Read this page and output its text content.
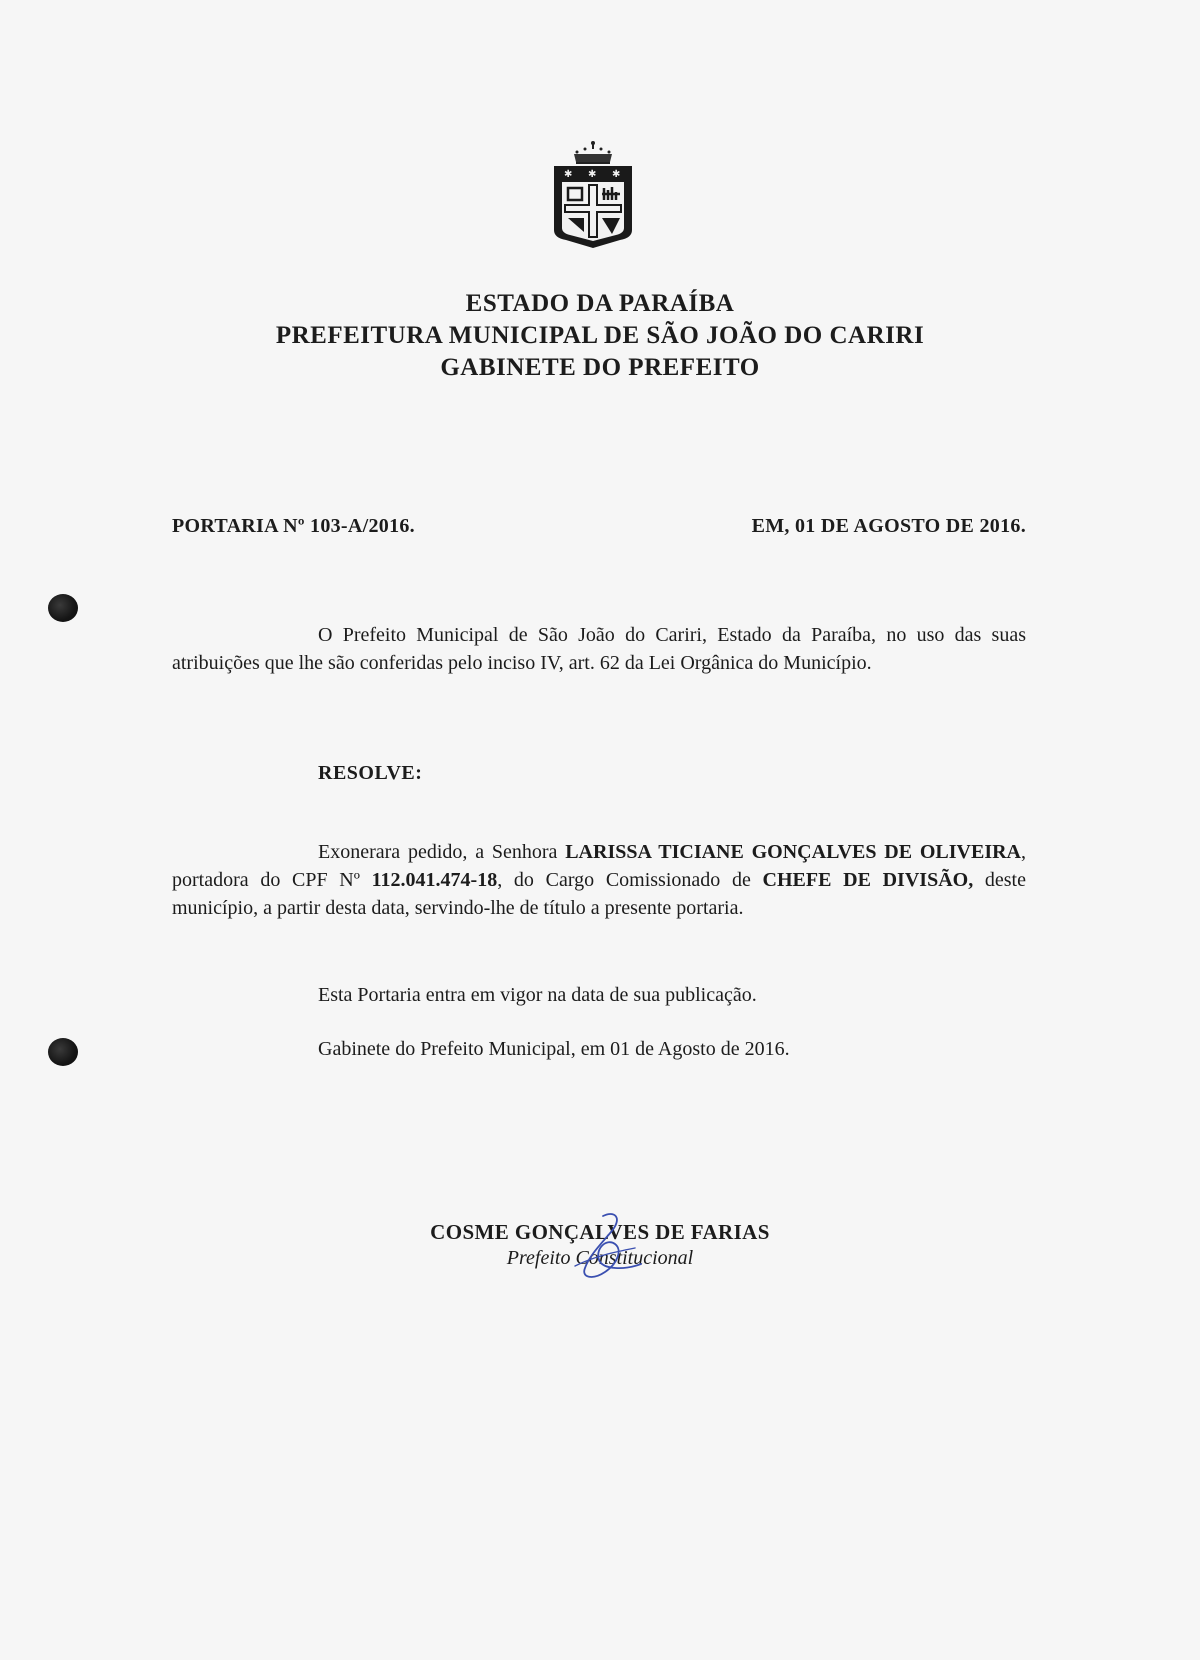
✱ ✱ ✱
ESTADO DA PARAÍBA
PREFEITURA MUNICIPAL DE SÃO JOÃO DO CARIRI
GABINETE DO PREFEITO
PORTARIA Nº 103-A/2016.	EM, 01 DE AGOSTO DE 2016.
O Prefeito Municipal de São João do Cariri, Estado da Paraíba, no uso das suas atribuições que lhe são conferidas pelo inciso IV, art. 62 da Lei Orgânica do Município.
RESOLVE:
Exonerara pedido, a Senhora LARISSA TICIANE GONÇALVES DE OLIVEIRA, portadora do CPF Nº 112.041.474-18, do Cargo Comissionado de CHEFE DE DIVISÃO, deste município, a partir desta data, servindo-lhe de título a presente portaria.
Esta Portaria entra em vigor na data de sua publicação.
Gabinete do Prefeito Municipal, em 01 de Agosto de 2016.
COSME GONÇALVES DE FARIAS
Prefeito Constitucional
